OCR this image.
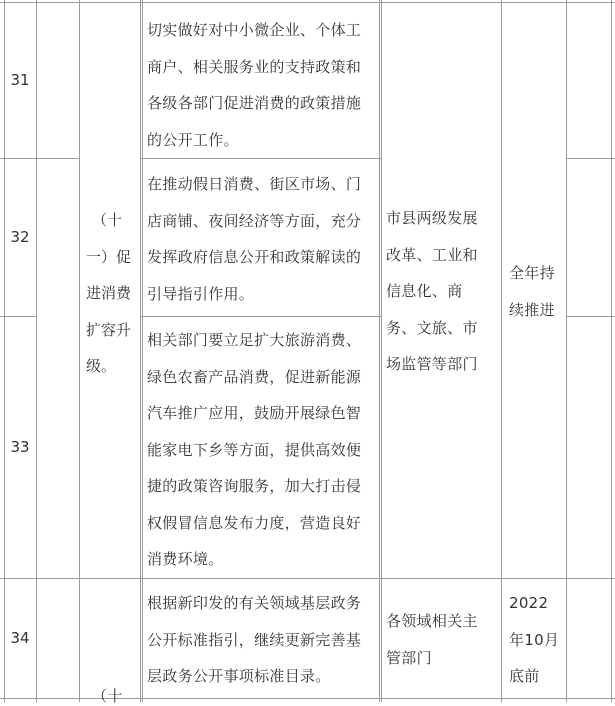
31
32
33
34
切实做好对中小微企业、个体工
商户、相关服务业的支持政策和
各级各部门促进消费的政策措施
的公开工作。
在推动假日消费、街区市场、门
店商铺、夜间经济等方面，充分
发挥政府信息公开和政策解读的
引导指引作用。
相关部门要立足扩大旅游消费、
绿色农畜产品消费，促进新能源
汽车推广应用，鼓励开展绿色智
能家电下乡等方面，提供高效便
捷的政策咨询服务，加大打击侵
权假冒信息发布力度，营造良好
消费环境。
根据新印发的有关领域基层政务
公开标准指引，继续更新完善基
层政务公开事项标准目录。
（十
一）促
进消费
扩容升
级。
市县两级发展
改革、工业和
信息化、商
务、文旅、市
场监管等部门
全年持
续推进
各领域相关主
管部门
2022
年10月
底前
（十
